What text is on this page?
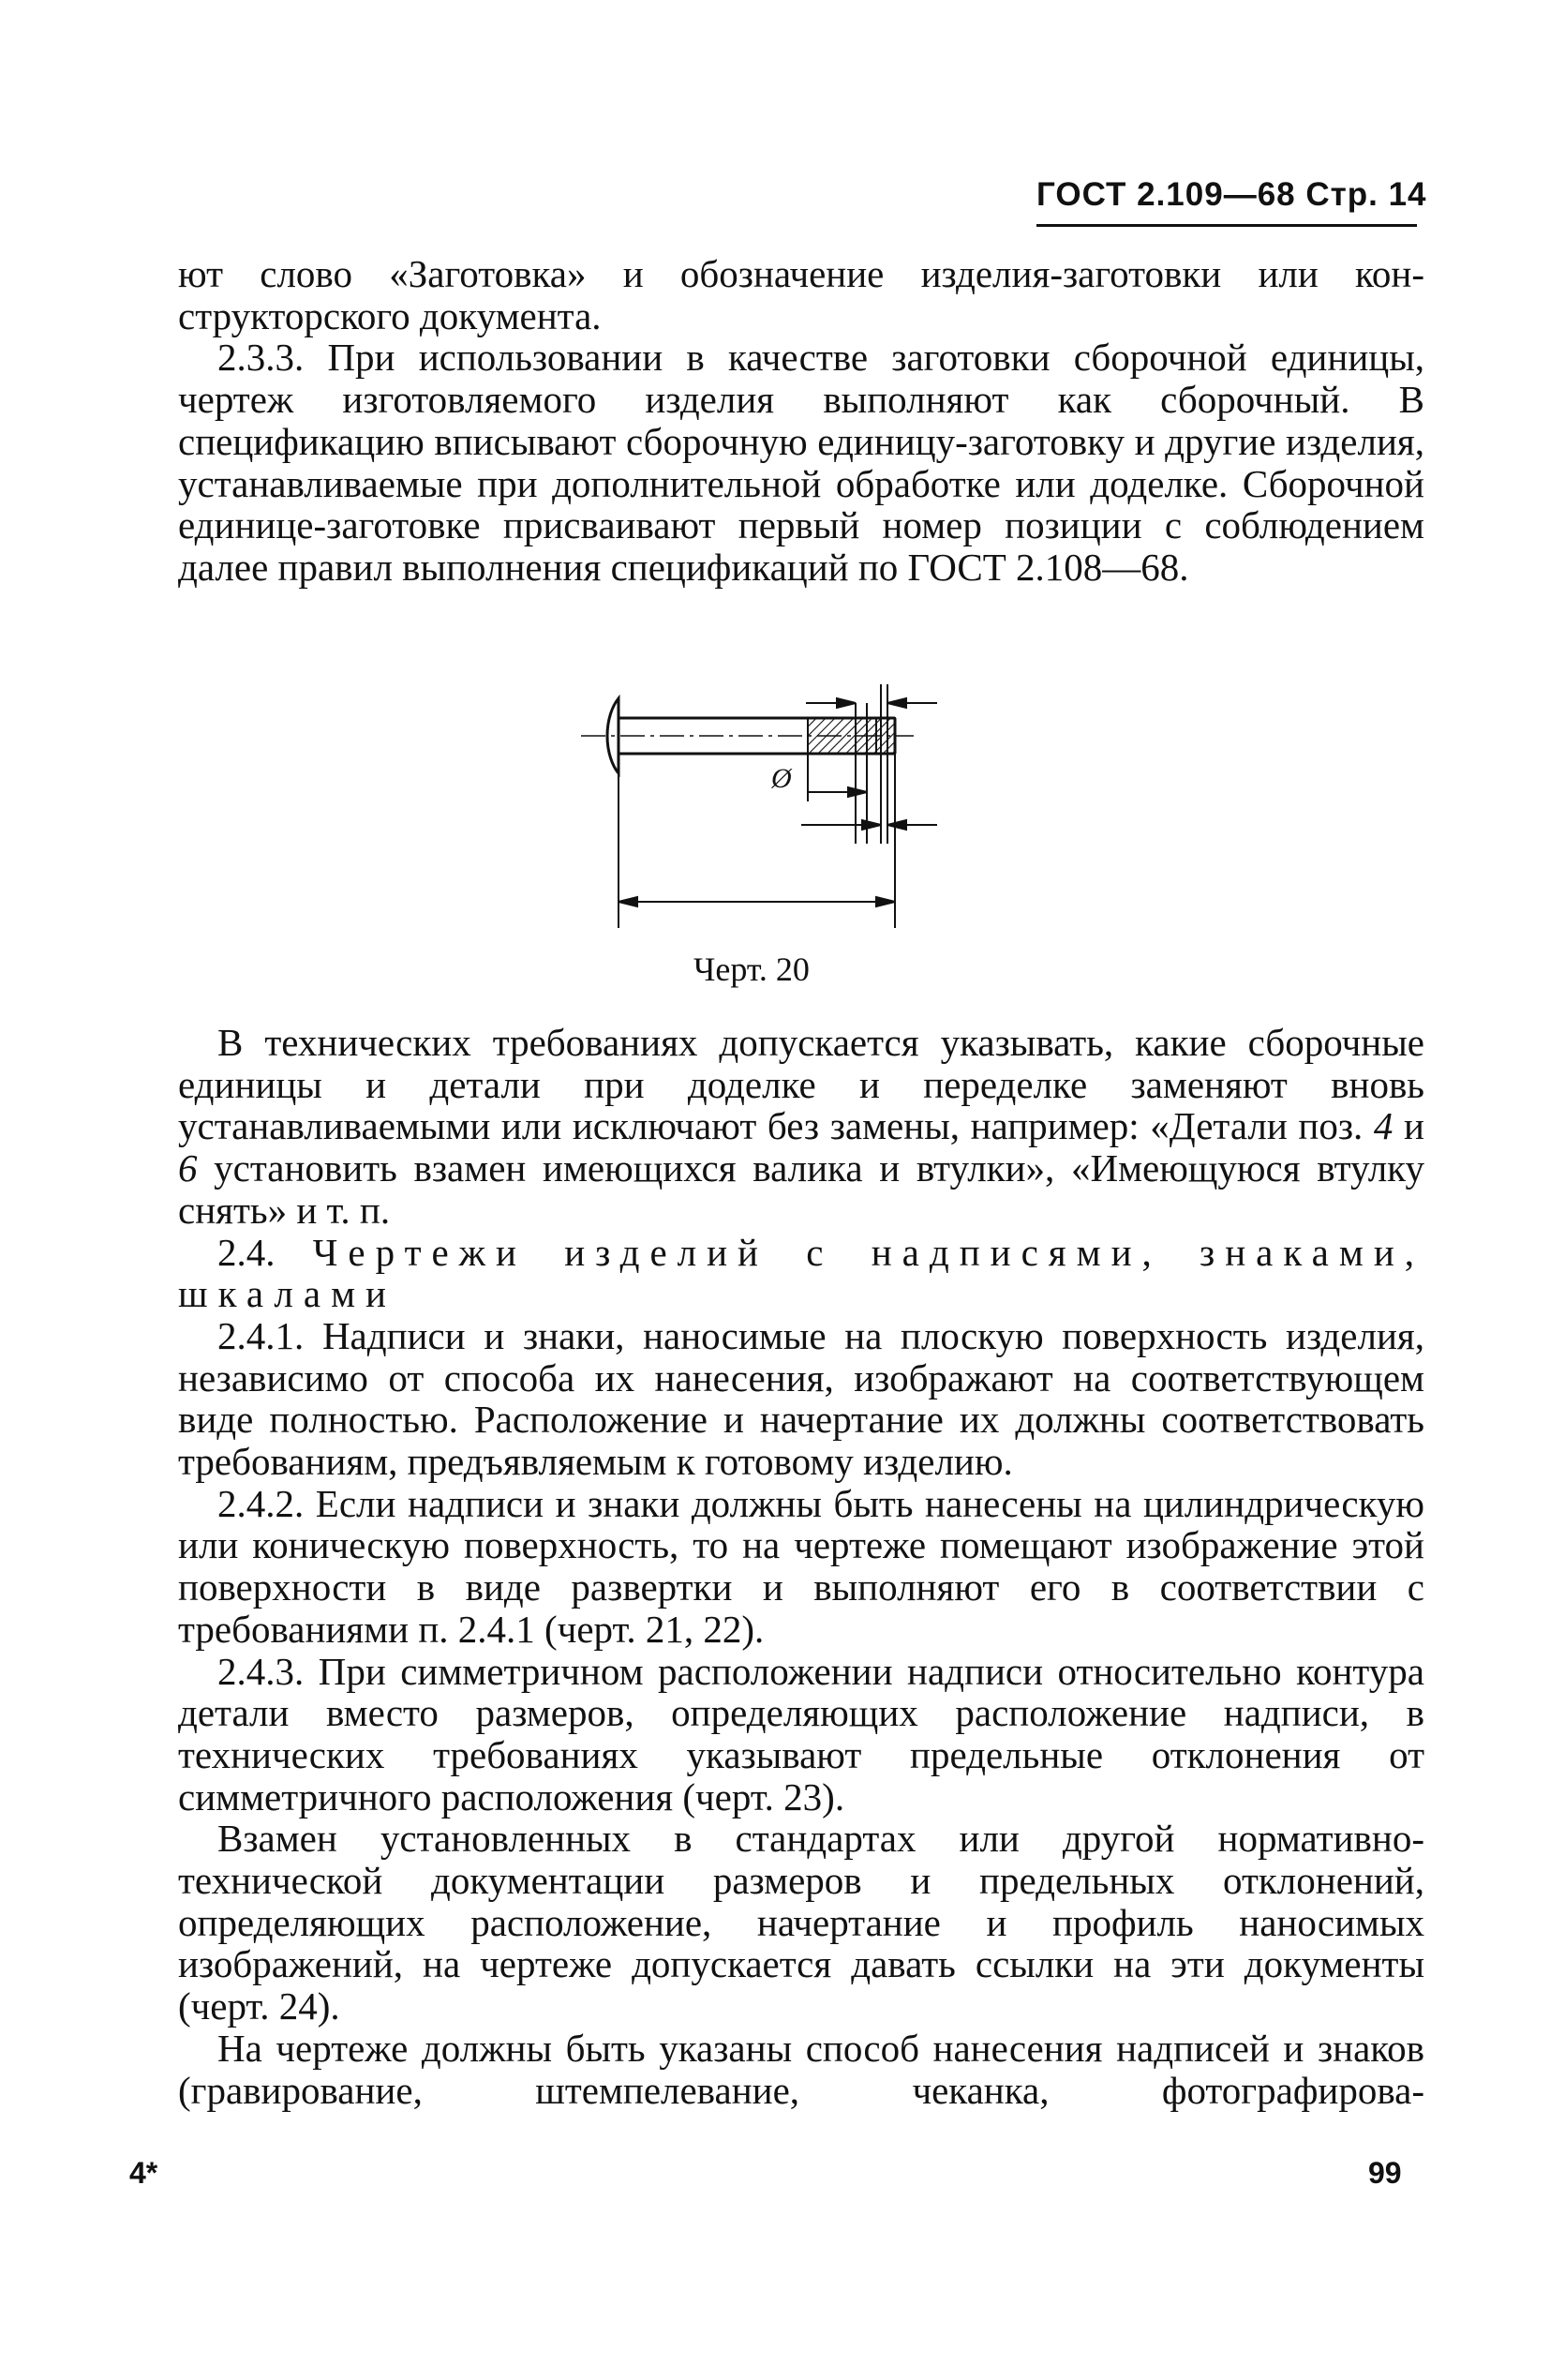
ГОСТ 2.109—68 Стр. 14

ют слово «Заготовка» и обозначение изделия-заготовки или конструкторского документа.

2.3.3. При использовании в качестве заготовки сборочной единицы, чертеж изготовляемого изделия выполняют как сборочный. В спецификацию вписывают сборочную единицу-заготовку и другие изделия, устанавливаемые при дополнительной обработке или доделке. Сборочной единице-заготовке присваивают первый номер позиции с соблюдением далее правил выполнения спецификаций по ГОСТ 2.108—68.

Ø
Черт. 20

В технических требованиях допускается указывать, какие сборочные единицы и детали при доделке и переделке заменяют вновь устанавливаемыми или исключают без замены, например: «Детали поз. 4 и 6 установить взамен имеющихся валика и втулки», «Имеющуюся втулку снять» и т. п.

2.4. Чертежи изделий с надписями, знаками, шкалами

2.4.1. Надписи и знаки, наносимые на плоскую поверхность изделия, независимо от способа их нанесения, изображают на соответствующем виде полностью. Расположение и начертание их должны соответствовать требованиям, предъявляемым к готовому изделию.

2.4.2. Если надписи и знаки должны быть нанесены на цилиндрическую или коническую поверхность, то на чертеже помещают изображение этой поверхности в виде развертки и выполняют его в соответствии с требованиями п. 2.4.1 (черт. 21, 22).

2.4.3. При симметричном расположении надписи относительно контура детали вместо размеров, определяющих расположение надписи, в технических требованиях указывают предельные отклонения от симметричного расположения (черт. 23).

Взамен установленных в стандартах или другой нормативно-технической документации размеров и предельных отклонений, определяющих расположение, начертание и профиль наносимых изображений, на чертеже допускается давать ссылки на эти документы (черт. 24).

На чертеже должны быть указаны способ нанесения надписей и знаков (гравирование, штемпелевание, чеканка, фотографирова-

4*	99
